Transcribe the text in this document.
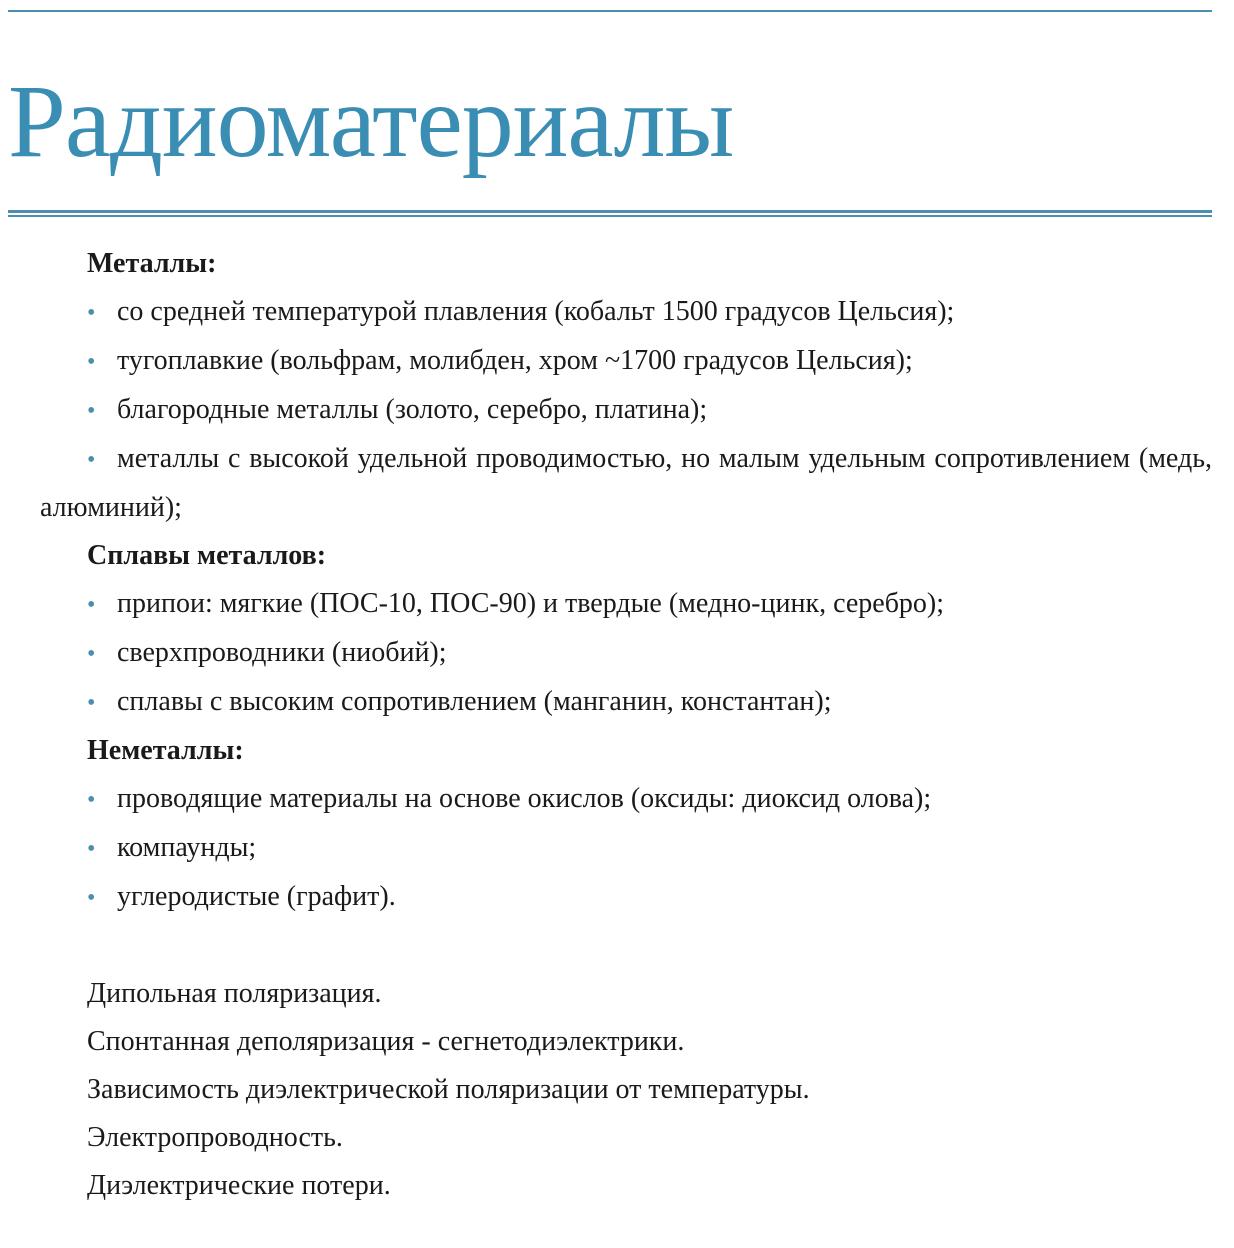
Радиоматериалы
Металлы:
• со средней температурой плавления (кобальт 1500 градусов Цельсия);
• тугоплавкие (вольфрам, молибден, хром ~1700 градусов Цельсия);
• благородные металлы (золото, серебро, платина);
• металлы с высокой удельной проводимостью, но малым удельным сопротивлением (медь, алюминий);
Сплавы металлов:
• припои: мягкие (ПОС-10, ПОС-90) и твердые (медно-цинк, серебро);
• сверхпроводники (ниобий);
• сплавы с высоким сопротивлением (манганин, константан);
Неметаллы:
• проводящие материалы на основе окислов (оксиды: диоксид олова);
• компаунды;
• углеродистые (графит).
Дипольная поляризация.
Спонтанная деполяризация - сегнетодиэлектрики.
Зависимость диэлектрической поляризации от температуры.
Электропроводность.
Диэлектрические потери.
